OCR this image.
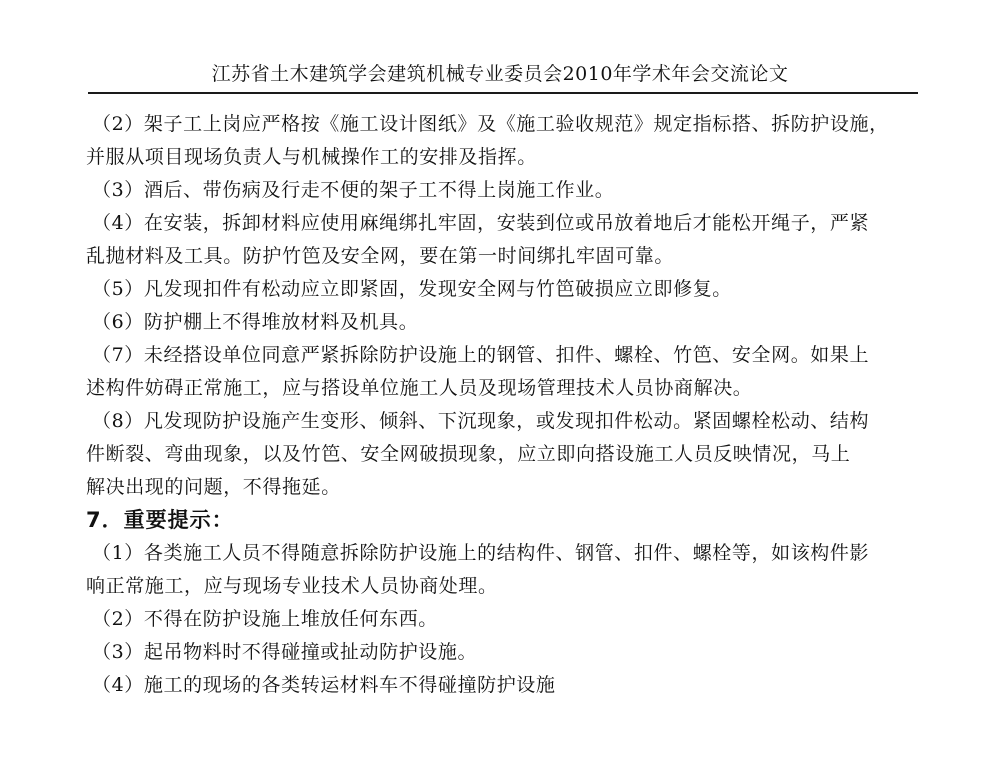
江苏省土木建筑学会建筑机械专业委员会2010年学术年会交流论文
（2）架子工上岗应严格按《施工设计图纸》及《施工验收规范》规定指标搭、拆防护设施，
并服从项目现场负责人与机械操作工的安排及指挥。
（3）酒后、带伤病及行走不便的架子工不得上岗施工作业。
（4）在安装，拆卸材料应使用麻绳绑扎牢固，安装到位或吊放着地后才能松开绳子，严紧
乱抛材料及工具。防护竹笆及安全网，要在第一时间绑扎牢固可靠。
（5）凡发现扣件有松动应立即紧固，发现安全网与竹笆破损应立即修复。
（6）防护棚上不得堆放材料及机具。
（7）未经搭设单位同意严紧拆除防护设施上的钢管、扣件、螺栓、竹笆、安全网。如果上
述构件妨碍正常施工，应与搭设单位施工人员及现场管理技术人员协商解决。
（8）凡发现防护设施产生变形、倾斜、下沉现象，或发现扣件松动。紧固螺栓松动、结构
件断裂、弯曲现象，以及竹笆、安全网破损现象，应立即向搭设施工人员反映情况，马上
解决出现的问题，不得拖延。
7．重要提示：
（1）各类施工人员不得随意拆除防护设施上的结构件、钢管、扣件、螺栓等，如该构件影
响正常施工，应与现场专业技术人员协商处理。
（2）不得在防护设施上堆放任何东西。
（3）起吊物料时不得碰撞或扯动防护设施。
（4）施工的现场的各类转运材料车不得碰撞防护设施
